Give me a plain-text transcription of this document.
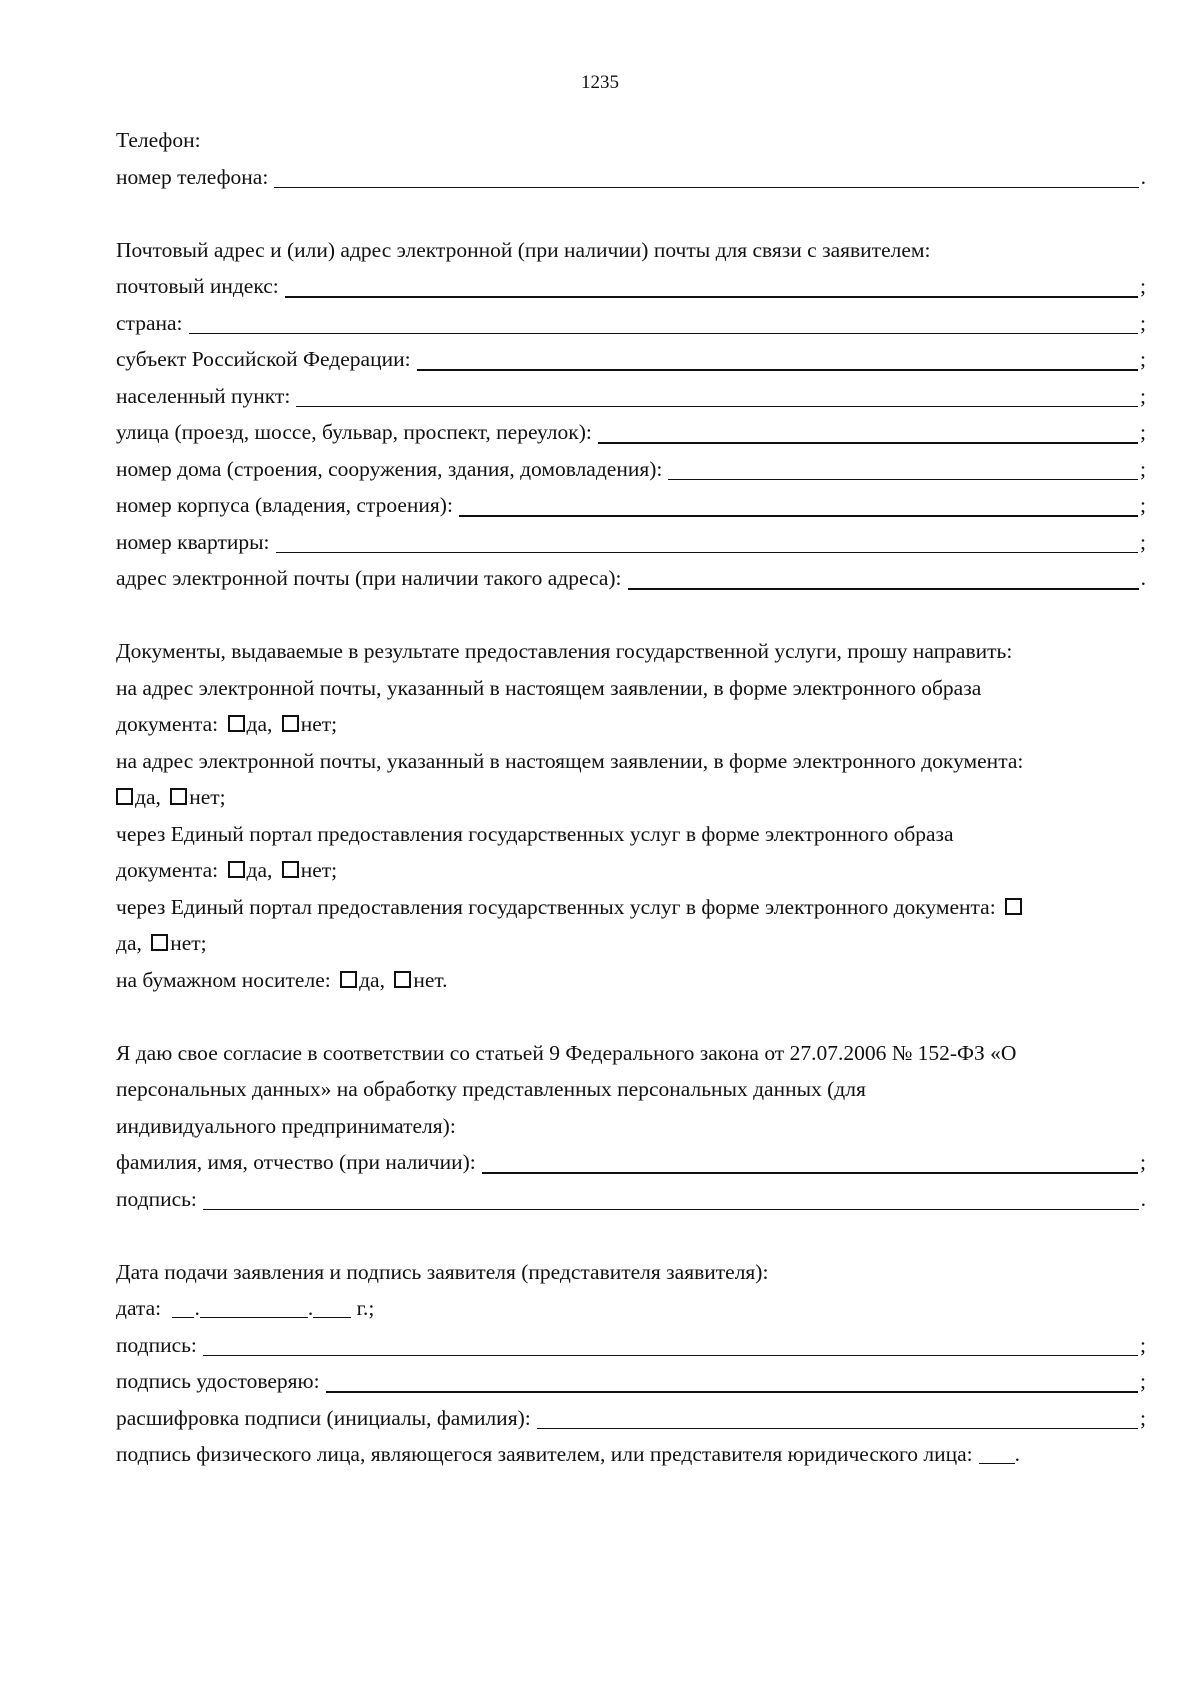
1235
Телефон:
номер телефона:	.
Почтовый адрес и (или) адрес электронной (при наличии) почты для связи с заявителем:
почтовый индекс:	;
страна:	;
субъект Российской Федерации:	;
населенный пункт:	;
улица (проезд, шоссе, бульвар, проспект, переулок):	;
номер дома (строения, сооружения, здания, домовладения):	;
номер корпуса (владения, строения):	;
номер квартиры:	;
адрес электронной почты (при наличии такого адреса):	.
Документы, выдаваемые в результате предоставления государственной услуги, прошу направить:
на адрес электронной почты, указанный в настоящем заявлении, в форме электронного образа
документа: да, нет;
на адрес электронной почты, указанный в настоящем заявлении, в форме электронного документа:
да, нет;
через Единый портал предоставления государственных услуг в форме электронного образа
документа: да, нет;
через Единый портал предоставления государственных услуг в форме электронного документа:
да, нет;
на бумажном носителе: да, нет.
Я даю свое согласие в соответствии со статьей 9 Федерального закона от 27.07.2006 № 152-ФЗ «О
персональных данных» на обработку представленных персональных данных (для
индивидуального предпринимателя):
фамилия, имя, отчество (при наличии):	;
подпись:	.
Дата подачи заявления и подпись заявителя (представителя заявителя):
дата: .	. г.;
подпись:	;
подпись удостоверяю:	;
расшифровка подписи (инициалы, фамилия):	;
подпись физического лица, являющегося заявителем, или представителя юридического лица: .
